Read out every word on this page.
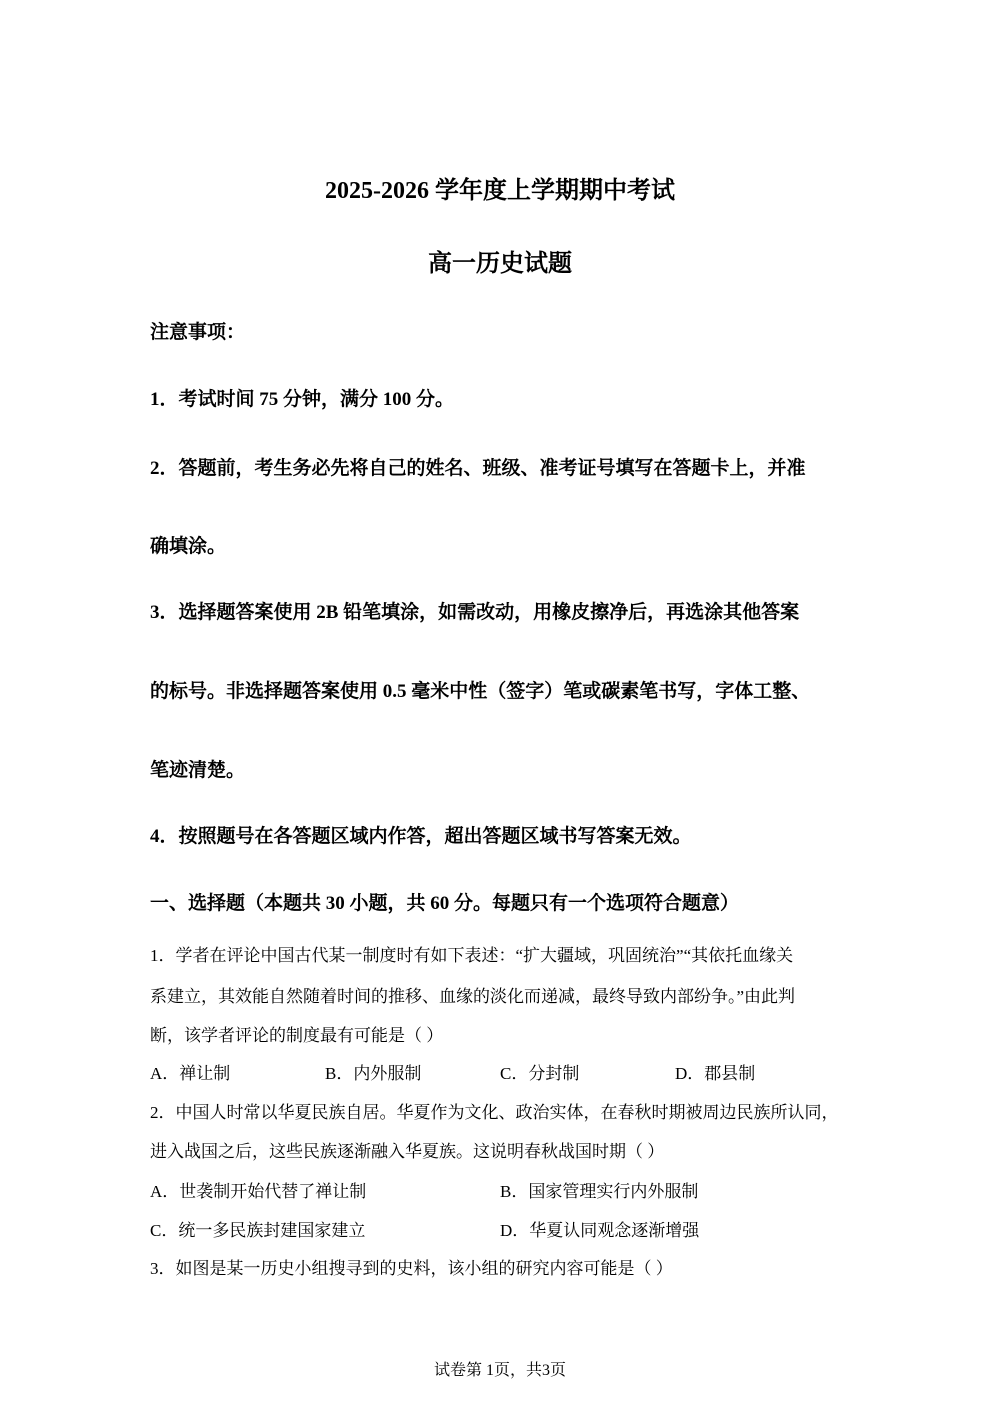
2025-2026 学年度上学期期中考试
高一历史试题
注意事项：
1．考试时间 75 分钟，满分 100 分。
2．答题前，考生务必先将自己的姓名、班级、准考证号填写在答题卡上，并准
确填涂。
3．选择题答案使用 2B 铅笔填涂，如需改动，用橡皮擦净后，再选涂其他答案
的标号。非选择题答案使用 0.5 毫米中性（签字）笔或碳素笔书写，字体工整、
笔迹清楚。
4．按照题号在各答题区域内作答，超出答题区域书写答案无效。
一、选择题（本题共 30 小题，共 60 分。每题只有一个选项符合题意）
1．学者在评论中国古代某一制度时有如下表述：“扩大疆域，巩固统治”“其依托血缘关
系建立，其效能自然随着时间的推移、血缘的淡化而递减，最终导致内部纷争。”由此判
断，该学者评论的制度最有可能是（ ）
A．禅让制	B．内外服制	C．分封制	D．郡县制
2．中国人时常以华夏民族自居。华夏作为文化、政治实体，在春秋时期被周边民族所认同，
进入战国之后，这些民族逐渐融入华夏族。这说明春秋战国时期（ ）
A．世袭制开始代替了禅让制	B．国家管理实行内外服制
C．统一多民族封建国家建立	D．华夏认同观念逐渐增强
3．如图是某一历史小组搜寻到的史料，该小组的研究内容可能是（ ）
试卷第 1页，共3页
